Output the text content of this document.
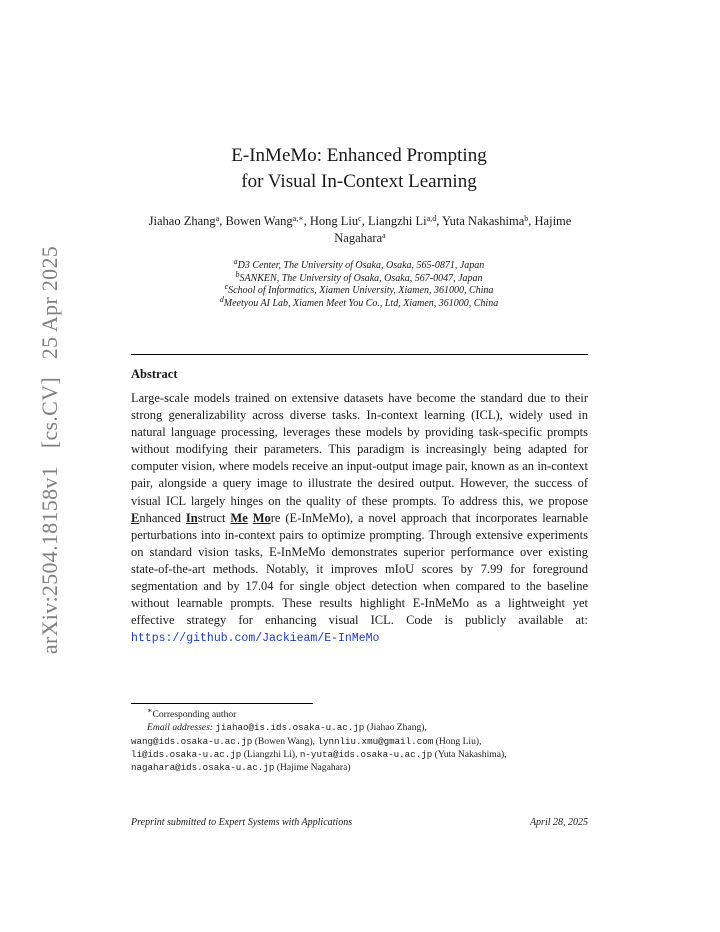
arXiv:2504.18158v1 [cs.CV] 25 Apr 2025
E-InMeMo: Enhanced Prompting
for Visual In-Context Learning
Jiahao Zhang$^a$, Bowen Wang$^{a,∗}$, Hong Liu$^c$, Liangzhi Li$^{a,d}$, Yuta Nakashima$^b$, Hajime Nagahara$^a$
$^a$D3 Center, The University of Osaka, Osaka, 565-0871, Japan
$^b$SANKEN, The University of Osaka, Osaka, 567-0047, Japan
$^c$School of Informatics, Xiamen University, Xiamen, 361000, China
$^d$Meetyou AI Lab, Xiamen Meet You Co., Ltd, Xiamen, 361000, China
Abstract
Large-scale models trained on extensive datasets have become the standard due to their strong generalizability across diverse tasks. In-context learning (ICL), widely used in natural language processing, leverages these models by providing task-specific prompts without modifying their parameters. This paradigm is increasingly being adapted for computer vision, where models receive an input-output image pair, known as an in-context pair, alongside a query image to illustrate the desired output. However, the success of visual ICL largely hinges on the quality of these prompts. To address this, we propose Enhanced Instruct Me More (E-InMeMo), a novel approach that incorporates learnable perturbations into in-context pairs to optimize prompting. Through extensive experiments on standard vision tasks, E-InMeMo demonstrates superior performance over existing state-of-the-art methods. Notably, it improves mIoU scores by 7.99 for foreground segmentation and by 17.04 for single object detection when compared to the baseline without learnable prompts. These results highlight E-InMeMo as a lightweight yet effective strategy for enhancing visual ICL. Code is publicly available at: https://github.com/Jackieam/E-InMeMo
∗Corresponding author
Email addresses: jiahao@is.ids.osaka-u.ac.jp (Jiahao Zhang),
wang@ids.osaka-u.ac.jp (Bowen Wang), lynnliu.xmu@gmail.com (Hong Liu),
li@ids.osaka-u.ac.jp (Liangzhi Li), n-yuta@ids.osaka-u.ac.jp (Yuta Nakashima),
nagahara@ids.osaka-u.ac.jp (Hajime Nagahara)
Preprint submitted to Expert Systems with Applications	April 28, 2025
